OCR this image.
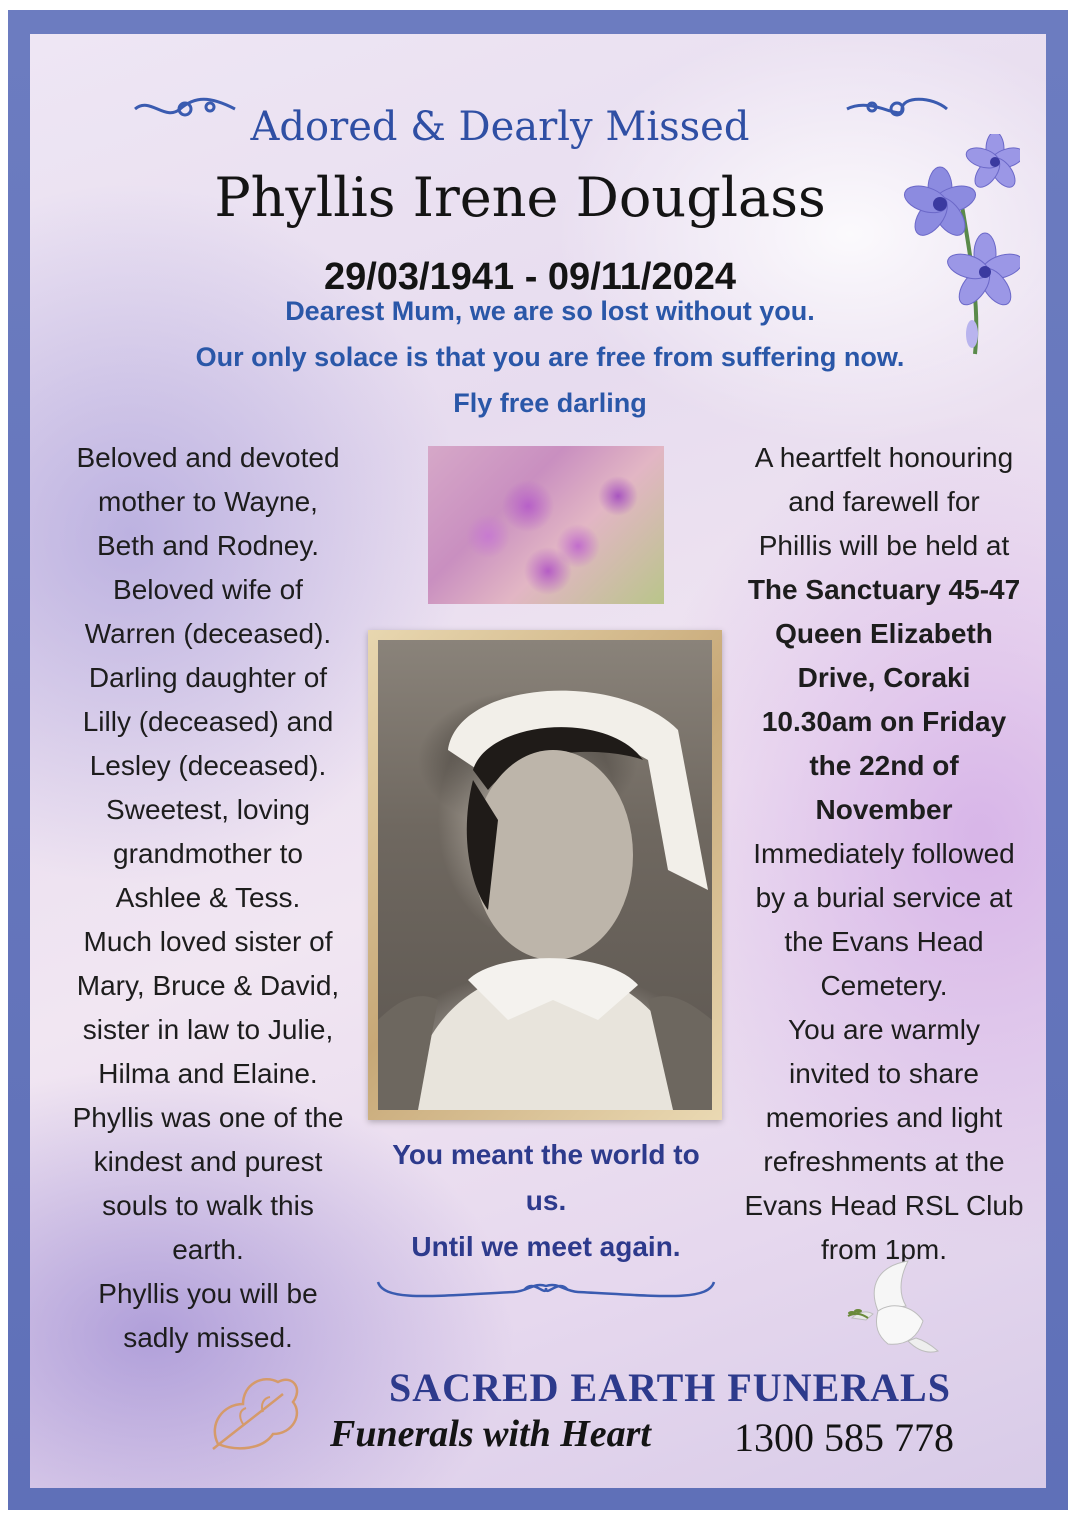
Adored & Dearly Missed
Phyllis Irene Douglass
29/03/1941 - 09/11/2024
Dearest Mum, we are so lost without you.
Our only solace is that you are free from suffering now.
Fly free darling
Beloved and devoted
mother to Wayne,
Beth and Rodney.
Beloved wife of
Warren (deceased).
Darling daughter of
Lilly (deceased) and
Lesley (deceased).
Sweetest, loving
grandmother to
Ashlee & Tess.
Much loved sister of
Mary, Bruce & David,
sister in law to Julie,
Hilma and Elaine.
Phyllis was one of the
kindest and purest
souls to walk this
earth.
Phyllis you will be
sadly missed.
A heartfelt honouring
and farewell for
Phillis will be held at
The Sanctuary 45-47
Queen Elizabeth
Drive, Coraki
10.30am on Friday
the 22nd of
November
Immediately followed
by a burial service at
the Evans Head
Cemetery.
You are warmly
invited to share
memories and light
refreshments at the
Evans Head RSL Club
from 1pm.
You meant the world to
us.
Until we meet again.
SACRED EARTH FUNERALS
Funerals with Heart	1300 585 778
